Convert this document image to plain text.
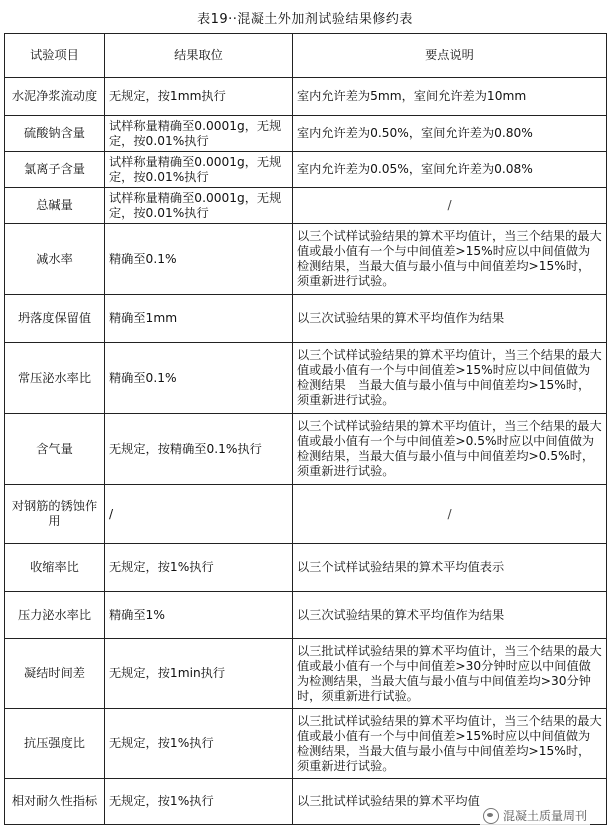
表19··混凝土外加剂试验结果修约表
试验项目	结果取位	要点说明
水泥净浆流动度	无规定，按1mm执行	室内允许差为5mm，室间允许差为10mm
硫酸钠含量	试样称量精确至0.0001g，无规定，按0.01%执行	室内允许差为0.50%，室间允许差为0.80%
氯离子含量	试样称量精确至0.0001g，无规定，按0.01%执行	室内允许差为0.05%，室间允许差为0.08%
总碱量	试样称量精确至0.0001g，无规定，按0.01%执行	/
减水率	精确至0.1%	以三个试样试验结果的算术平均值计，当三个结果的最大值或最小值有一个与中间值差>15%时应以中间值做为检测结果，当最大值与最小值与中间值差均>15%时，须重新进行试验。
坍落度保留值	精确至1mm	以三次试验结果的算术平均值作为结果
常压泌水率比	精确至0.1%	以三个试样试验结果的算术平均值计，当三个结果的最大值或最小值有一个与中间值差>15%时应以中间值做为检测结果　当最大值与最小值与中间值差均>15%时，须重新进行试验。
含气量	无规定，按精确至0.1%执行	以三个试样试验结果的算术平均值计，当三个结果的最大值或最小值有一个与中间值差>0.5%时应以中间值做为检测结果，当最大值与最小值与中间值差均>0.5%时，须重新进行试验。
对钢筋的锈蚀作用	/	/
收缩率比	无规定，按1%执行	以三个试样试验结果的算术平均值表示
压力泌水率比	精确至1%	以三次试验结果的算术平均值作为结果
凝结时间差	无规定，按1min执行	以三批试样试验结果的算术平均值计，当三个结果的最大值或最小值有一个与中间值差>30分钟时应以中间值做为检测结果，当最大值与最小值与中间值差均>30分钟时，须重新进行试验。
抗压强度比	无规定，按1%执行	以三批试样试验结果的算术平均值计，当三个结果的最大值或最小值有一个与中间值差>15%时应以中间值做为检测结果，当最大值与最小值与中间值差均>15%时，须重新进行试验。
相对耐久性指标	无规定，按1%执行	以三批试样试验结果的算术平均值
混凝土质量周刊
